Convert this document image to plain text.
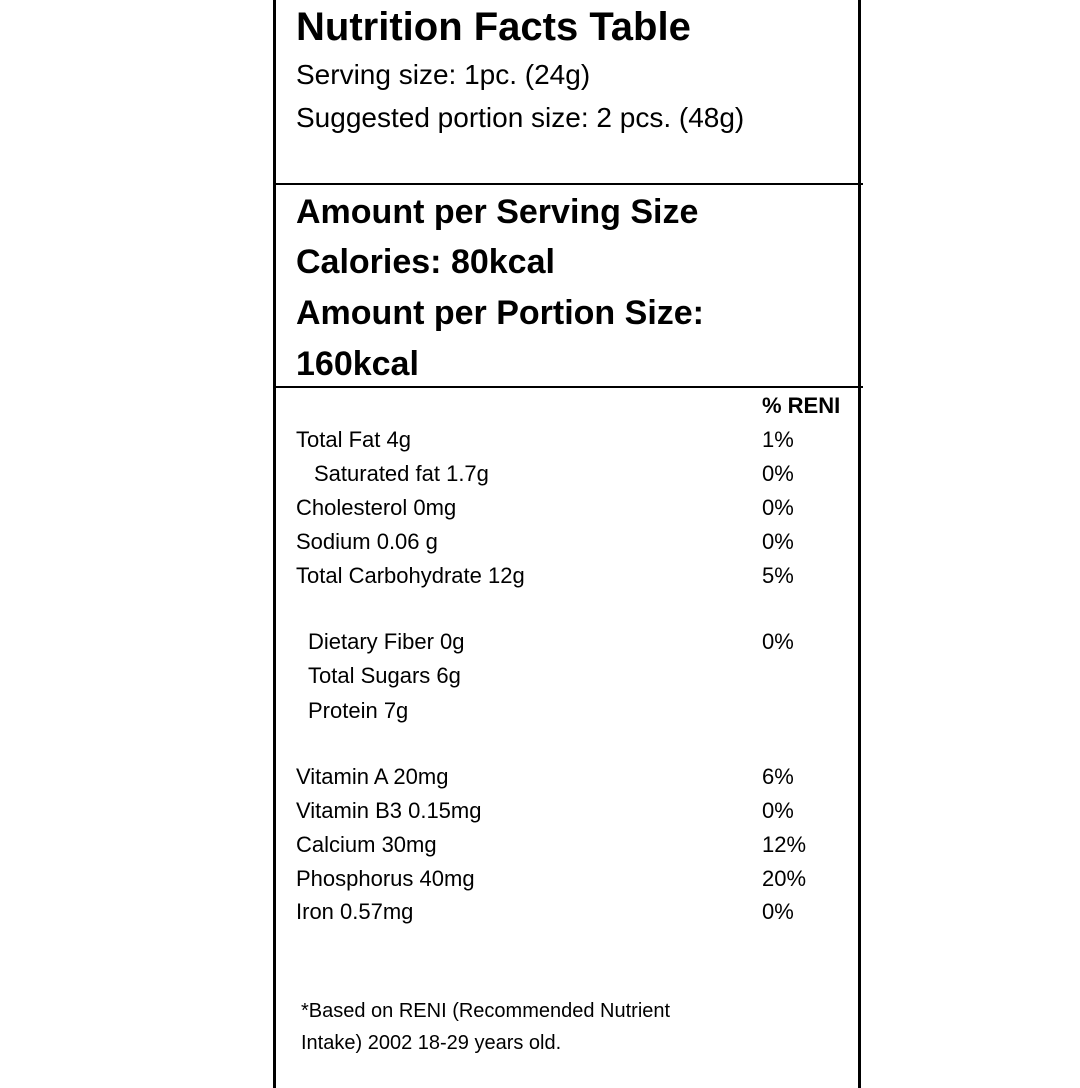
Nutrition Facts Table
Serving size: 1pc. (24g)
Suggested portion size: 2 pcs. (48g)
Amount per Serving Size
Calories: 80kcal
Amount per Portion Size:
160kcal
% RENI
Total Fat 4g	1%
Saturated fat 1.7g	0%
Cholesterol 0mg	0%
Sodium 0.06 g	0%
Total Carbohydrate 12g	5%
Dietary Fiber 0g	0%
Total Sugars 6g
Protein 7g
Vitamin A 20mg	6%
Vitamin B3 0.15mg	0%
Calcium 30mg	12%
Phosphorus 40mg	20%
Iron 0.57mg	0%
*Based on RENI (Recommended Nutrient Intake) 2002 18-29 years old.
